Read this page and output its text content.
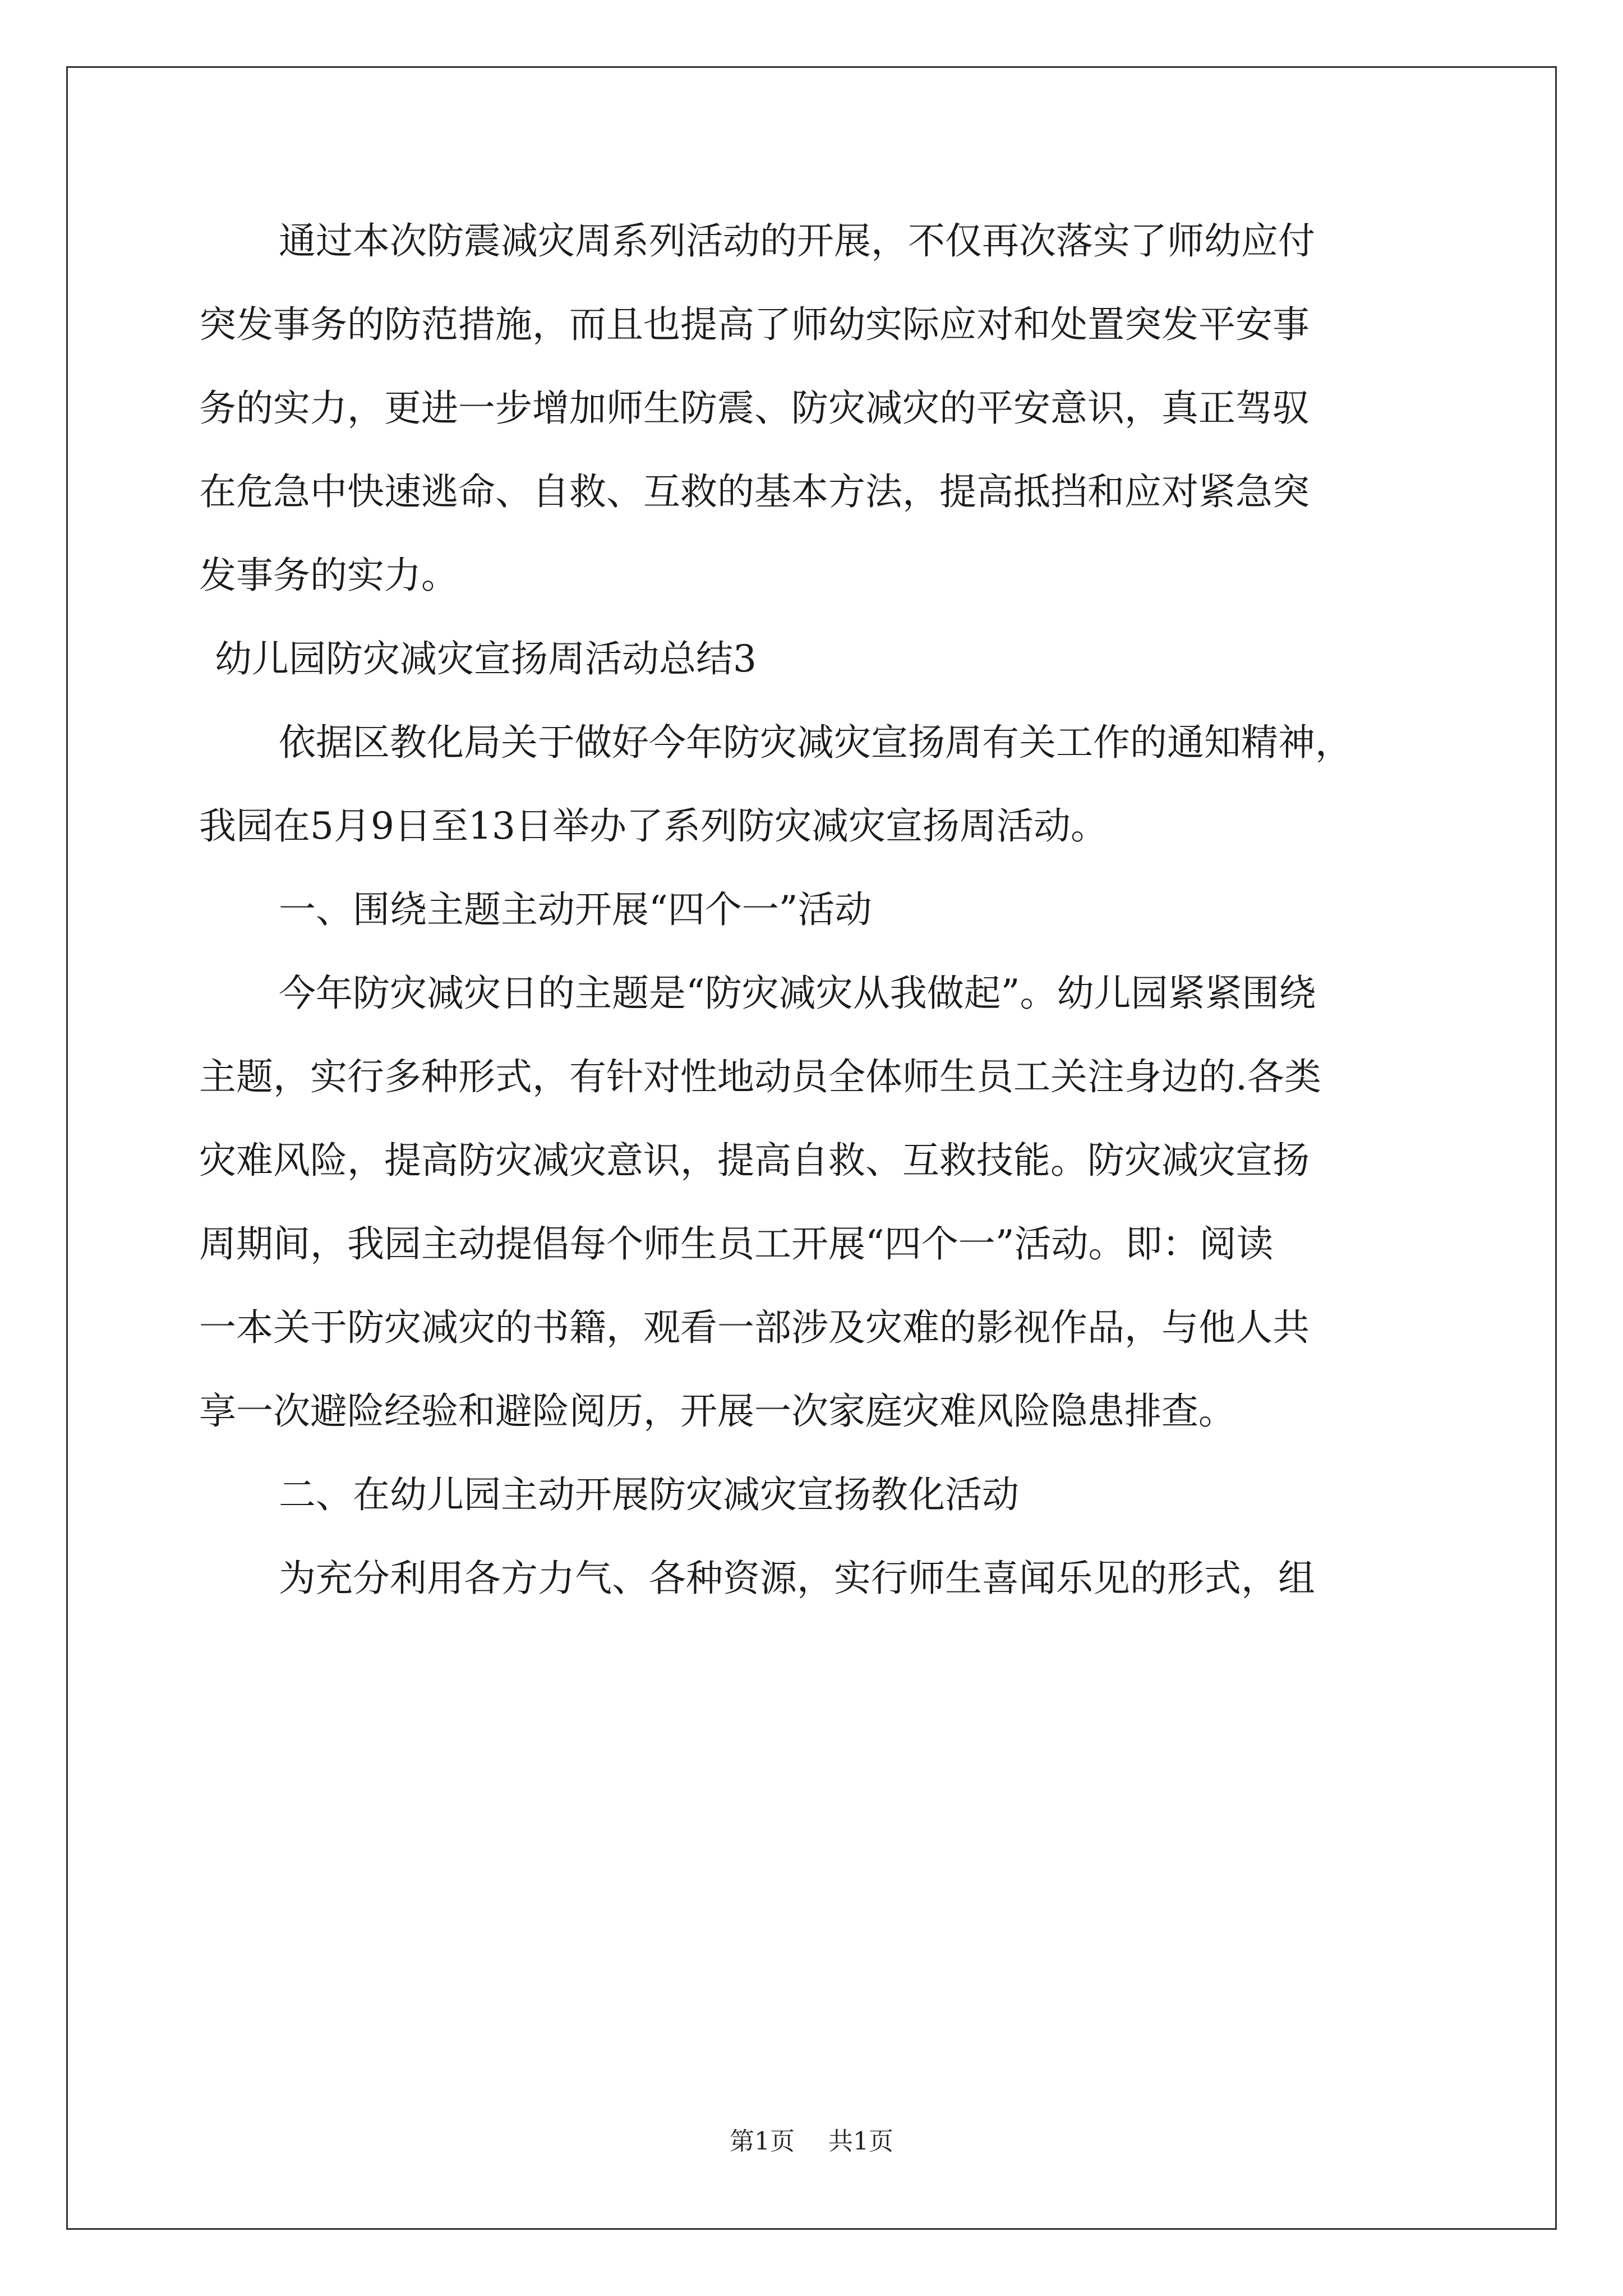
通过本次防震减灾周系列活动的开展，不仅再次落实了师幼应付
突发事务的防范措施，而且也提高了师幼实际应对和处置突发平安事
务的实力，更进一步增加师生防震、防灾减灾的平安意识，真正驾驭
在危急中快速逃命、自救、互救的基本方法，提高抵挡和应对紧急突
发事务的实力。
幼儿园防灾减灾宣扬周活动总结3
依据区教化局关于做好今年防灾减灾宣扬周有关工作的通知精神，
我园在5月9日至13日举办了系列防灾减灾宣扬周活动。
一、围绕主题主动开展“四个一”活动
今年防灾减灾日的主题是“防灾减灾从我做起”。幼儿园紧紧围绕
主题，实行多种形式，有针对性地动员全体师生员工关注身边的.各类
灾难风险，提高防灾减灾意识，提高自救、互救技能。防灾减灾宣扬
周期间，我园主动提倡每个师生员工开展“四个一”活动。即：阅读
一本关于防灾减灾的书籍，观看一部涉及灾难的影视作品，与他人共
享一次避险经验和避险阅历，开展一次家庭灾难风险隐患排查。
二、在幼儿园主动开展防灾减灾宣扬教化活动
为充分利用各方力气、各种资源，实行师生喜闻乐见的形式，组
第1页 共1页
